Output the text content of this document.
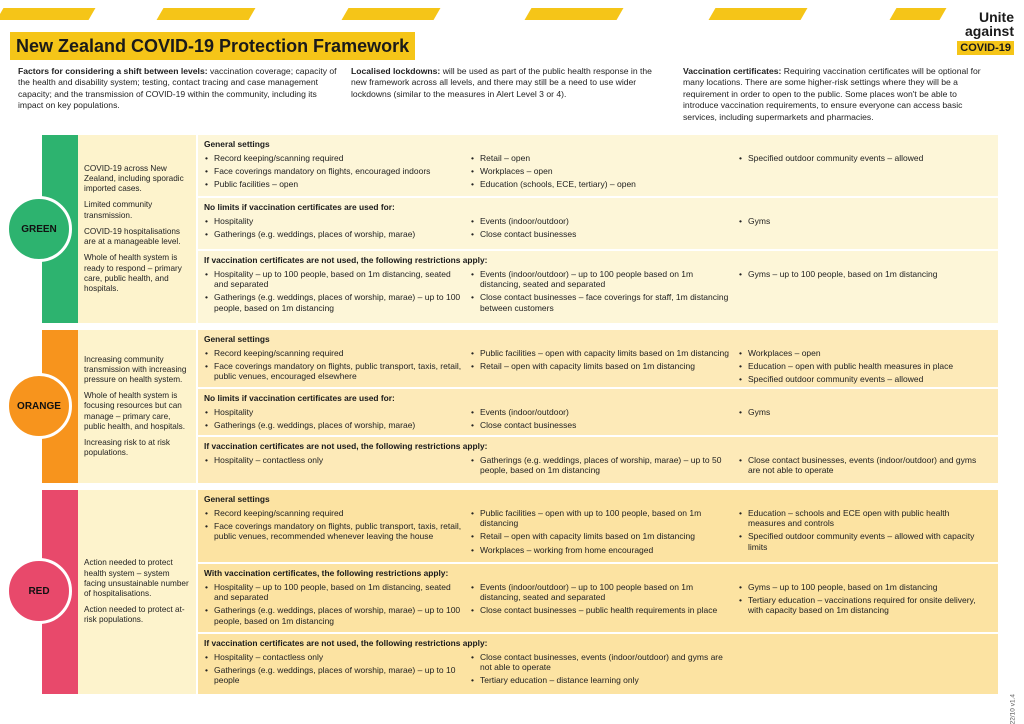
Unite
against
COVID-19
New Zealand COVID-19 Protection Framework
Factors for considering a shift between levels: vaccination coverage; capacity of the health and disability system; testing, contact tracing and case management capacity; and the transmission of COVID-19 within the community, including its impact on key populations.
Localised lockdowns: will be used as part of the public health response in the new framework across all levels, and there may still be a need to use wider lockdowns (similar to the measures in Alert Level 3 or 4).
Vaccination certificates: Requiring vaccination certificates will be optional for many locations. There are some higher-risk settings where they will be a requirement in order to open to the public. Some places won't be able to introduce vaccination requirements, to ensure everyone can access basic services, including supermarkets and pharmacies.
GREEN

COVID-19 across New Zealand, including sporadic imported cases.

Limited community transmission.

COVID-19 hospitalisations are at a manageable level.

Whole of health system is ready to respond – primary care, public health, and hospitals.

General settings
• Record keeping/scanning required
• Face coverings mandatory on flights, encouraged indoors
• Public facilities – open
• Retail – open
• Workplaces – open
• Education (schools, ECE, tertiary) – open
• Specified outdoor community events – allowed
No limits if vaccination certificates are used for:
• Hospitality
• Gatherings (e.g. weddings, places of worship, marae)
• Events (indoor/outdoor)
• Close contact businesses
• Gyms
If vaccination certificates are not used, the following restrictions apply:
• Hospitality – up to 100 people, based on 1m distancing, seated and separated
• Gatherings (e.g. weddings, places of worship, marae) – up to 100 people, based on 1m distancing
• Events (indoor/outdoor) – up to 100 people based on 1m distancing, seated and separated
• Close contact businesses – face coverings for staff, 1m distancing between customers
• Gyms – up to 100 people, based on 1m distancing
ORANGE

Increasing community transmission with increasing pressure on health system.

Whole of health system is focusing resources but can manage – primary care, public health, and hospitals.

Increasing risk to at risk populations.

General settings
• Record keeping/scanning required
• Face coverings mandatory on flights, public transport, taxis, retail, public venues, encouraged elsewhere
• Public facilities – open with capacity limits based on 1m distancing
• Retail – open with capacity limits based on 1m distancing
• Workplaces – open
• Education – open with public health measures in place
• Specified outdoor community events – allowed
No limits if vaccination certificates are used for:
• Hospitality
• Gatherings (e.g. weddings, places of worship, marae)
• Events (indoor/outdoor)
• Close contact businesses
• Gyms
If vaccination certificates are not used, the following restrictions apply:
• Hospitality – contactless only
•	Gatherings (e.g. weddings, places of worship, marae) – up to 50 people, based on 1m distancing
• Close contact businesses, events (indoor/outdoor) and gyms are not able to operate
RED

Action needed to protect health system – system facing unsustainable number of hospitalisations.

Action needed to protect at-risk populations.

General settings
• Record keeping/scanning required
• Face coverings mandatory on flights, public transport, taxis, retail, public venues, recommended whenever leaving the house
• Public facilities – open with up to 100 people, based on 1m distancing
• Retail – open with capacity limits based on 1m distancing
• Workplaces – working from home encouraged
• Education – schools and ECE open with public health measures and controls
• Specified outdoor community events – allowed with capacity limits
With vaccination certificates, the following restrictions apply:
• Hospitality – up to 100 people, based on 1m distancing, seated and separated
• Gatherings (e.g. weddings, places of worship, marae) – up to 100 people, based on 1m distancing
• Events (indoor/outdoor) – up to 100 people based on 1m distancing, seated and separated
• Close contact businesses – public health requirements in place
• Gyms – up to 100 people, based on 1m distancing
• Tertiary education – vaccinations required for onsite delivery, with capacity based on 1m distancing
If vaccination certificates are not used, the following restrictions apply:
• Hospitality – contactless only
• Gatherings (e.g. weddings, places of worship, marae) – up to 10 people
• Close contact businesses, events (indoor/outdoor) and gyms are not able to operate
• Tertiary education – distance learning only
22/10 v1.4
